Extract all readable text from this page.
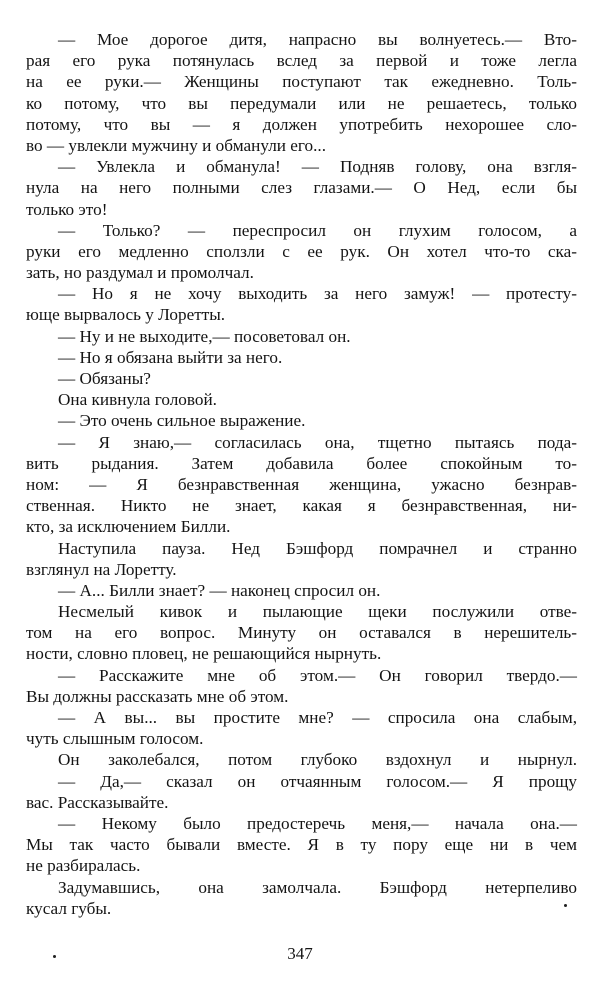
— Мое дорогое дитя, напрасно вы волнуетесь.— Вто-
рая его рука потянулась вслед за первой и тоже легла
на ее руки.— Женщины поступают так ежедневно. Толь-
ко потому, что вы передумали или не решаетесь, только
потому, что вы — я должен употребить нехорошее сло-
во — увлекли мужчину и обманули его...
— Увлекла и обманула! — Подняв голову, она взгля-
нула на него полными слез глазами.— О Нед, если бы
только это!
— Только? — переспросил он глухим голосом, а
руки его медленно сползли с ее рук. Он хотел что-то ска-
зать, но раздумал и промолчал.
— Но я не хочу выходить за него замуж! — протесту-
юще вырвалось у Лоретты.
— Ну и не выходите,— посоветовал он.
— Но я обязана выйти за него.
— Обязаны?
Она кивнула головой.
— Это очень сильное выражение.
— Я знаю,— согласилась она, тщетно пытаясь пода-
вить рыдания. Затем добавила более спокойным то-
ном: — Я безнравственная женщина, ужасно безнрав-
ственная. Никто не знает, какая я безнравственная, ни-
кто, за исключением Билли.
Наступила пауза. Нед Бэшфорд помрачнел и странно
взглянул на Лоретту.
— А... Билли знает? — наконец спросил он.
Несмелый кивок и пылающие щеки послужили отве-
том на его вопрос. Минуту он оставался в нерешитель-
ности, словно пловец, не решающийся нырнуть.
— Расскажите мне об этом.— Он говорил твердо.—
Вы должны рассказать мне об этом.
— А вы... вы простите мне? — спросила она слабым,
чуть слышным голосом.
Он заколебался, потом глубоко вздохнул и нырнул.
— Да,— сказал он отчаянным голосом.— Я прощу
вас. Рассказывайте.
— Некому было предостеречь меня,— начала она.—
Мы так часто бывали вместе. Я в ту пору еще ни в чем
не разбиралась.
Задумавшись, она замолчала. Бэшфорд нетерпеливо
кусал губы.
347
